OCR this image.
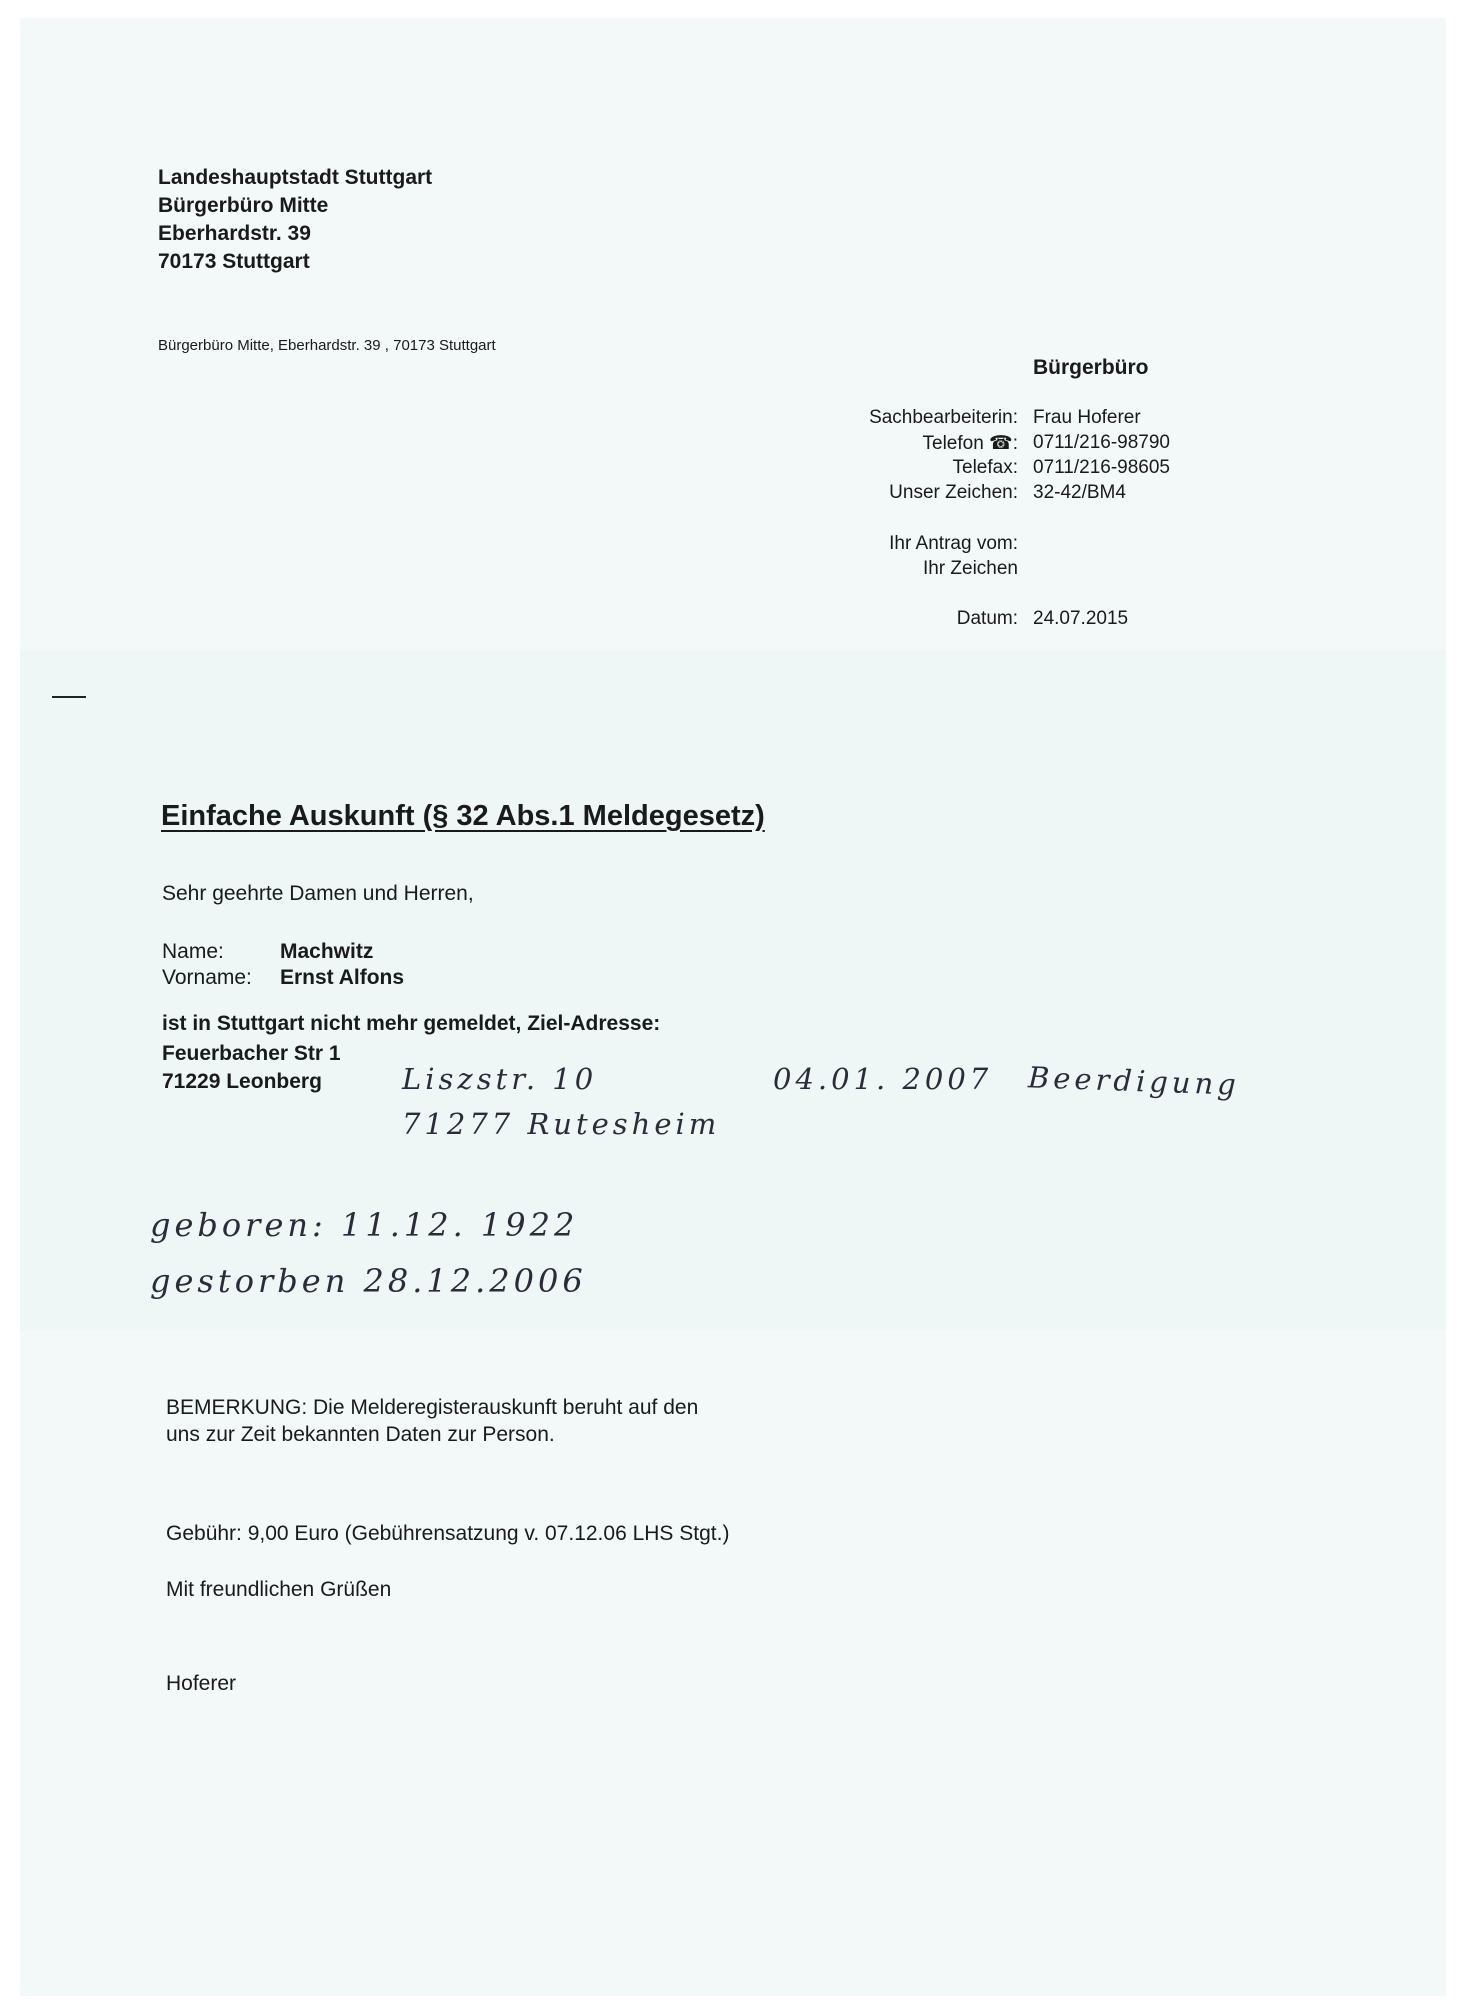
Landeshauptstadt Stuttgart
Bürgerbüro Mitte
Eberhardstr. 39
70173 Stuttgart
Bürgerbüro Mitte, Eberhardstr. 39 , 70173 Stuttgart
Bürgerbüro
Sachbearbeiterin: Frau Hoferer
Telefon ☎: 0711/216-98790
Telefax: 0711/216-98605
Unser Zeichen: 32-42/BM4
Ihr Antrag vom:
Ihr Zeichen
Datum: 24.07.2015
Einfache Auskunft (§ 32 Abs.1 Meldegesetz)
Sehr geehrte Damen und Herren,
Name:	Machwitz
Vorname: Ernst Alfons
ist in Stuttgart nicht mehr gemeldet, Ziel-Adresse:
Feuerbacher Str 1
71229 Leonberg	Liszstr. 10
71277 Rutesheim
04.01. 2007 Beerdigung
geboren: 11.12. 1922
gestorben 28.12.2006
BEMERKUNG: Die Melderegisterauskunft beruht auf den
uns zur Zeit bekannten Daten zur Person.
Gebühr: 9,00 Euro (Gebührensatzung v. 07.12.06 LHS Stgt.)
Mit freundlichen Grüßen
Hoferer
